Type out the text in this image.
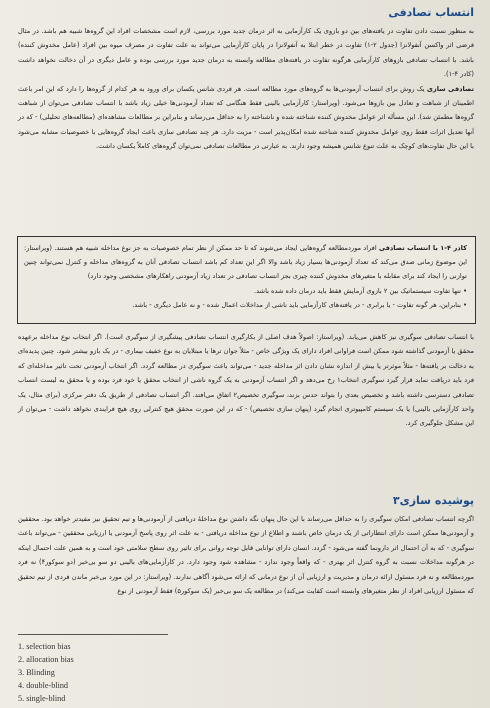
انتساب تصادفی
به منظور نسبت دادن تفاوت در یافته‌های بین دو بازوی یک کارآزمایی به اثر درمان جدید مورد بررسی، لازم است مشخصات افراد این گروه‌ها شبیه هم باشد. در مثال فرضی اثر واکسن آنفولانزا (جدول ۲-۱) تفاوت در خطر ابتلا به آنفولانزا در پایان کارآزمایی می‌تواند به علت تفاوت در مصرف میوه بین افراد (عامل مخدوش کننده) باشد. با انتساب تصادفی بازوهای کارآزمایی هرگونه تفاوت در یافته‌های مطالعه وابسته به درمان جدید مورد بررسی بوده و عامل دیگری در آن دخالت نخواهد داشت (کادر ۴-۱).
تصادفی سازی یک روش برای انتساب آزمودنی‌ها به گروه‌های مورد مطالعه است. هر فردی شانس یکسان برای ورود به هر کدام از گروه‌ها را دارد که این امر باعث اطمینان از شباهت و تعادل بین بازوها می‌شود. (ویراستار: کارآزمایی بالینی فقط هنگامی که تعداد آزمودنی‌ها خیلی زیاد باشد با انتساب تصادفی می‌توان از شباهت گروه‌ها مطمئن شد). این مسأله اثر عوامل مخدوش کننده شناخته شده و ناشناخته را به حداقل می‌رساند و بنابراین بر مطالعات مشاهده‌ای (مطالعه‌های تحلیلی) - که در آنها تعدیل اثرات فقط روی عوامل مخدوش کننده شناخته شده امکان‌پذیر است - مزیت دارد. هر چند تصادفی سازی باعث ایجاد گروه‌هایی با خصوصیات مشابه می‌شود با این حال تفاوت‌های کوچک به علت تنوع شانس همیشه وجود دارند. به عبارتی در مطالعات تصادفی نمی‌توان گروه‌های کاملاً یکسان داشت.
کادر ۴-۱ با انتساب تصادفی افراد موردمطالعه گروه‌هایی ایجاد می‌شوند که تا حد ممکن از نظر تمام خصوصیات به جز نوع مداخله شبیه هم هستند. (ویراستار: این موضوع زمانی صدق می‌کند که تعداد آزمودنی‌ها بسیار زیاد باشد والا اگر این تعداد کم باشد انتساب تصادفی آنان به گروه‌های مداخله و کنترل نمی‌تواند چنین توازنی را ایجاد کند برای مقابله با متغیرهای مخدوش کننده چیزی بجز انتساب تصادفی در تعداد زیاد آزمودنی راهکارهای مشخصی وجود دارد)
• تنها تفاوت سیستماتیک بین ۲ بازوی آزمایش فقط باید درمان داده شده باشد.
• بنابراین، هر گونه تفاوت - یا برابری - در یافته‌های کارآزمایی باید ناشی از مداخلات اعمال شده - و نه عامل دیگری - باشد.
با انتساب تصادفی سوگیری نیز کاهش می‌یابد. (ویراستار: اصولاً هدف اصلی از بکارگیری انتساب تصادفی پیشگیری از سوگیری است). اگر انتخاب نوع مداخله برعهده محقق یا آزمودنی گذاشته شود ممکن است فراوانی افراد دارای یک ویژگی خاص - مثلاً جوان ترها یا مبتلایان به نوع خفیف بیماری - در یک بازو بیشتر شود. چنین پدیده‌ای به دخالت بر یافته‌ها - مثلاً موثرتر یا بیش از اندازه نشان دادن اثر مداخله جدید - می‌تواند باعث سوگیری در مطالعه گردد. اگر انتخاب آزمودنی تحت تاثیر مداخله‌ای که فرد باید دریافت نماید قرار گیرد سوگیری انتخاب۱ رخ می‌دهد و اگر انتساب آزمودنی به یک گروه ناشی از انتخاب محقق یا خود فرد بوده و یا محقق به لیست انتساب تصادفی دسترسی داشته باشد و تخصیص بعدی را بتواند حدس بزند، سوگیری تخصیص۲ اتفاق می‌افتد. اگر انتساب تصادفی از طریق یک دفتر مرکزی (برای مثال، یک واحد کارآزمایی بالینی) یا یک سیستم کامپیوتری انجام گیرد (پنهان سازی تخصیص) - که در این صورت محقق هیچ کنترلی روی هیچ فرایندی نخواهد داشت - می‌توان از این مشکل جلوگیری کرد.
پوشیده سازی۳
اگرچه انتساب تصادفی امکان سوگیری را به حداقل می‌رساند با این حال پنهان نگه داشتن نوع مداخلهٔ دریافتی از آزمودنی‌ها و تیم تحقیق نیز مفیدتر خواهد بود. محققین و آزمودنی‌ها ممکن است دارای انتظاراتی از یک درمان خاص باشند و اطلاع از نوع مداخله دریافتی - به علت اثر روی پاسخ آزمودنی یا ارزیابی محققین - می‌تواند باعث سوگیری - که به آن احتمال اثر دارونما گفته می‌شود - گردد. انسان دارای توانایی قابل توجه روانی برای تاثیر روی سطح سلامتی خود است و به همین علت احتمال اینکه در هرگونه مداخلات نسبت به گروه کنترل اثر بهتری - که واقعاً وجود ندارد - مشاهده شود وجود دارد. در کارآزمایی‌های بالینی دو سو بی‌خبر (دو سوکور۴) نه فرد موردمطالعه و نه فرد مسئول ارائه درمان و مدیریت و ارزیابی آن از نوع درمانی که ارائه می‌شود آگاهی ندارند. (ویراستار: در این مورد بی‌خبر ماندن فردی از تیم تحقیق که مسئول ارزیابی افراد از نظر متغیرهای وابسته است کفایت می‌کند) در مطالعه یک سو بی‌خبر (یک سوکور۵) فقط آزمودنی از نوع
1. selection bias
2. allocation bias
3. Blinding
4. double-blind
5. single-blind
